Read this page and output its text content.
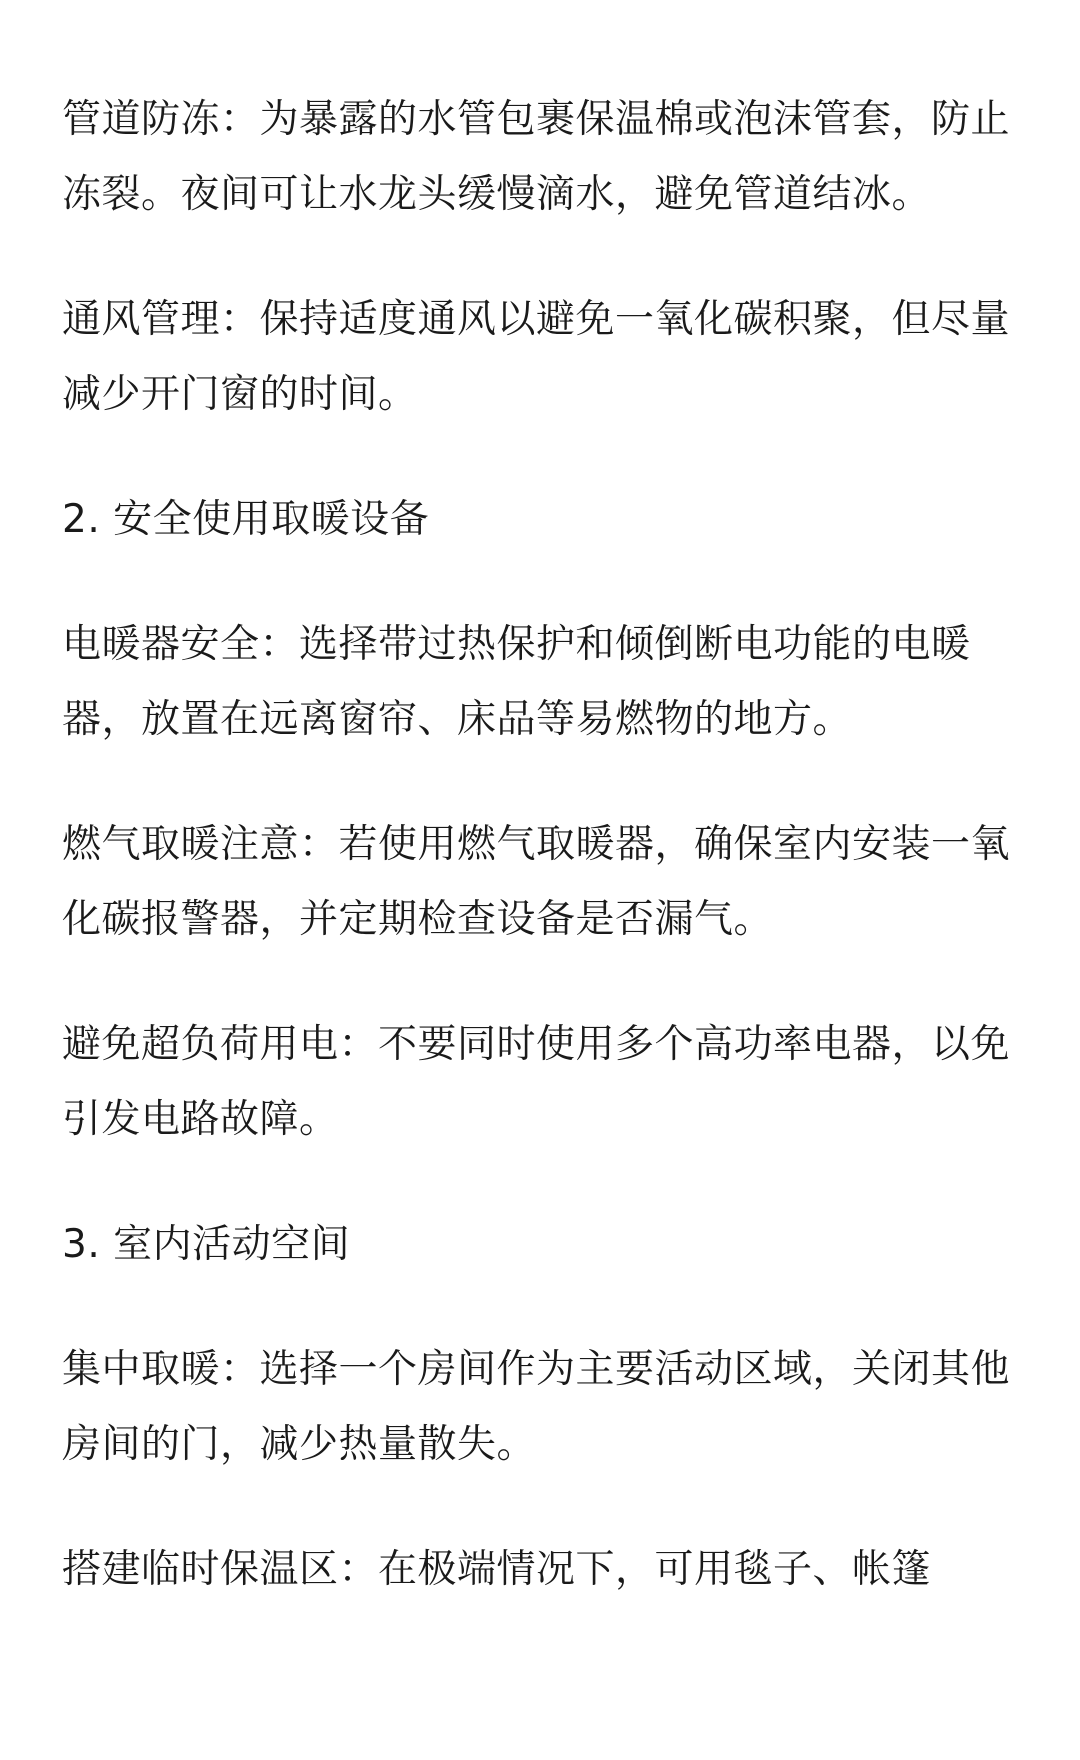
管道防冻：为暴露的水管包裹保温棉或泡沫管套，防止冻裂。夜间可让水龙头缓慢滴水，避免管道结冰。

通风管理：保持适度通风以避免一氧化碳积聚，但尽量减少开门窗的时间。

2. 安全使用取暖设备

电暖器安全：选择带过热保护和倾倒断电功能的电暖器，放置在远离窗帘、床品等易燃物的地方。

燃气取暖注意：若使用燃气取暖器，确保室内安装一氧化碳报警器，并定期检查设备是否漏气。

避免超负荷用电：不要同时使用多个高功率电器，以免引发电路故障。

3. 室内活动空间

集中取暖：选择一个房间作为主要活动区域，关闭其他房间的门，减少热量散失。

搭建临时保温区：在极端情况下，可用毯子、帐篷
